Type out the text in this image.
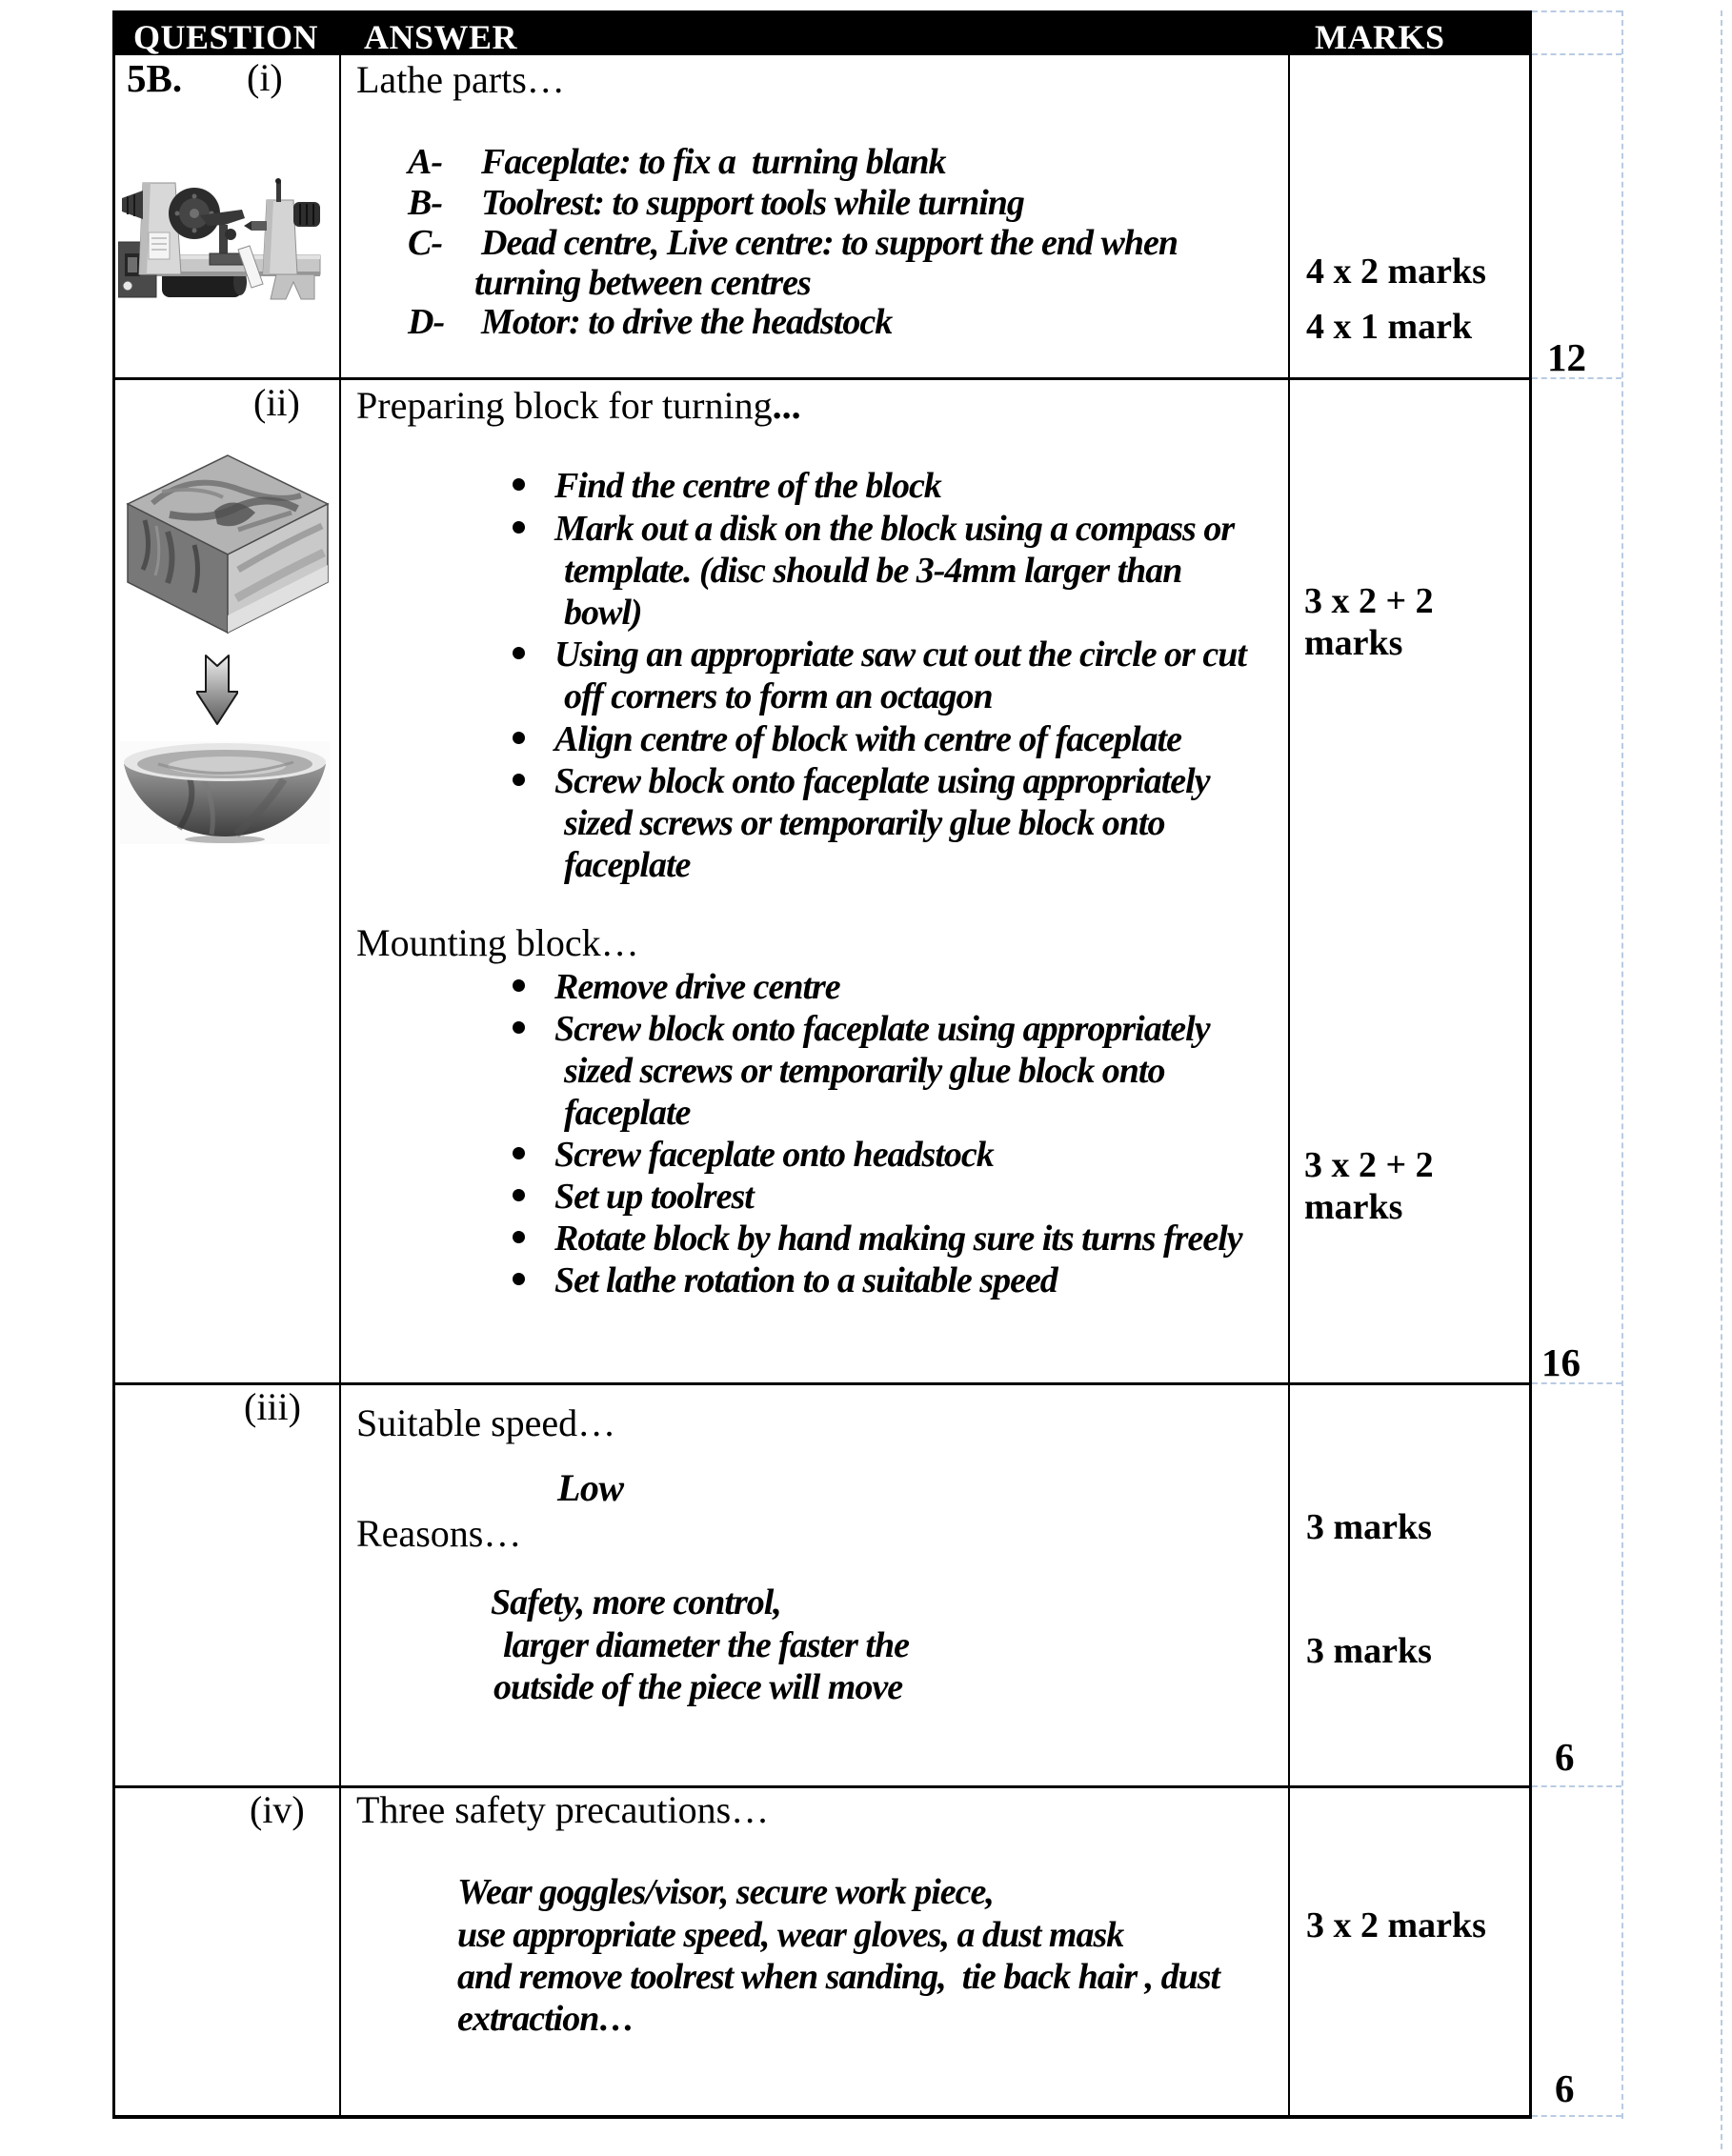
QUESTION ANSWER	MARKS
5B. (i) Lathe parts…
A- Faceplate: to fix a  turning blank
B- Toolrest: to support tools while turning
C- Dead centre, Live centre: to support the end when
turning between centres
D- Motor: to drive the headstock
4 x 2 marks
4 x 1 mark
12
(ii) Preparing block for turning...
Find the centre of the block
Mark out a disk on the block using a compass or
template. (disc should be 3-4mm larger than
bowl)
Using an appropriate saw cut out the circle or cut
off corners to form an octagon
Align centre of block with centre of faceplate
Screw block onto faceplate using appropriately
sized screws or temporarily glue block onto
faceplate
Mounting block…
Remove drive centre
Screw block onto faceplate using appropriately
sized screws or temporarily glue block onto
faceplate
Screw faceplate onto headstock
Set up toolrest
Rotate block by hand making sure its turns freely
Set lathe rotation to a suitable speed
3 x 2 + 2
marks
3 x 2 + 2
marks
16
(iii) Suitable speed…
Low
Reasons…
Safety, more control,
larger diameter the faster the
outside of the piece will move
3 marks
3 marks
6
(iv) Three safety precautions…
Wear goggles/visor, secure work piece,
use appropriate speed, wear gloves, a dust mask
and remove toolrest when sanding,  tie back hair , dust
extraction…
3 x 2 marks
6
